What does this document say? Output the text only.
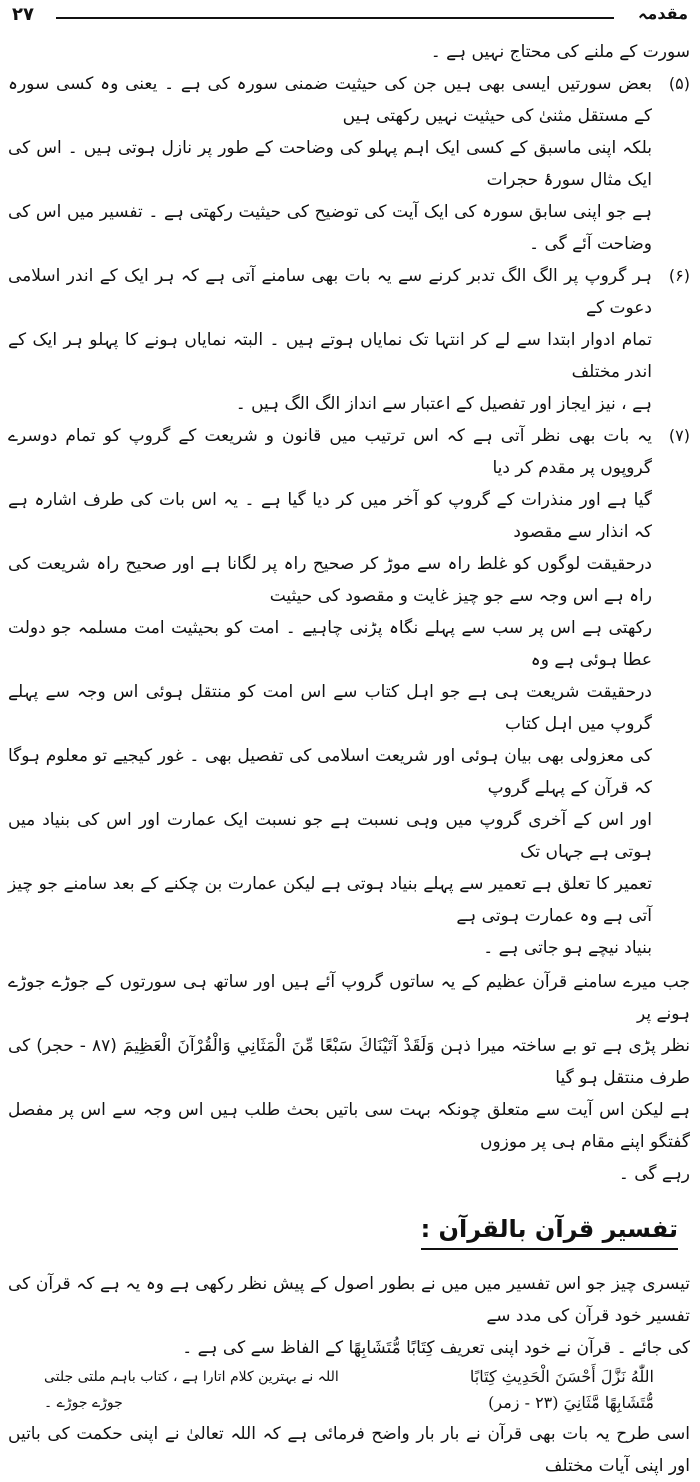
۲۷	مقدمہ
سورت کے ملنے کی محتاج نہیں ہے ۔
(۵)
بعض سورتیں ایسی بھی ہیں جن کی حیثیت ضمنی سورہ کی ہے ۔ یعنی وہ کسی سورہ کے مستقل مثنیٰ کی حیثیت نہیں رکھتی ہیں
بلکہ اپنی ماسبق کے کسی ایک اہم پہلو کی وضاحت کے طور پر نازل ہوتی ہیں ۔ اس کی ایک مثال سورۂ حجرات
ہے جو اپنی سابق سورہ کی ایک آیت کی توضیح کی حیثیت رکھتی ہے ۔ تفسیر میں اس کی وضاحت آئے گی ۔
(۶)
ہر گروپ پر الگ الگ تدبر کرنے سے یہ بات بھی سامنے آتی ہے کہ ہر ایک کے اندر اسلامی دعوت کے
تمام ادوار ابتدا سے لے کر انتہا تک نمایاں ہوتے ہیں ۔ البتہ نمایاں ہونے کا پہلو ہر ایک کے اندر مختلف
ہے ، نیز ایجاز اور تفصیل کے اعتبار سے انداز الگ الگ ہیں ۔
(۷)
یہ بات بھی نظر آتی ہے کہ اس ترتیب میں قانون و شریعت کے گروپ کو تمام دوسرے گروپوں پر مقدم کر دیا
گیا ہے اور منذرات کے گروپ کو آخر میں کر دیا گیا ہے ۔ یہ اس بات کی طرف اشارہ ہے کہ انذار سے مقصود
درحقیقت لوگوں کو غلط راہ سے موڑ کر صحیح راہ پر لگانا ہے اور صحیح راہ شریعت کی راہ ہے اس وجہ سے جو چیز غایت و مقصود کی حیثیت
رکھتی ہے اس پر سب سے پہلے نگاہ پڑنی چاہیے ۔ امت کو بحیثیت امت مسلمہ جو دولت عطا ہوئی ہے وہ
درحقیقت شریعت ہی ہے جو اہل کتاب سے اس امت کو منتقل ہوئی اس وجہ سے پہلے گروپ میں اہل کتاب
کی معزولی بھی بیان ہوئی اور شریعت اسلامی کی تفصیل بھی ۔ غور کیجیے تو معلوم ہوگا کہ قرآن کے پہلے گروپ
اور اس کے آخری گروپ میں وہی نسبت ہے جو نسبت ایک عمارت اور اس کی بنیاد میں ہوتی ہے جہاں تک
تعمیر کا تعلق ہے تعمیر سے پہلے بنیاد ہوتی ہے لیکن عمارت بن چکنے کے بعد سامنے جو چیز آتی ہے وہ عمارت ہوتی ہے
بنیاد نیچے ہو جاتی ہے ۔
جب میرے سامنے قرآن عظیم کے یہ ساتوں گروپ آئے ہیں اور ساتھ ہی سورتوں کے جوڑے جوڑے ہونے پر
نظر پڑی ہے تو بے ساختہ میرا ذہن وَلَقَدْ آتَيْنَاكَ سَبْعًا مِّنَ الْمَثَانِي وَالْقُرْآنَ الْعَظِيمَ (۸۷ - حجر) کی طرف منتقل ہو گیا
ہے لیکن اس آیت سے متعلق چونکہ بہت سی باتیں بحث طلب ہیں اس وجہ سے اس پر مفصل گفتگو اپنے مقام ہی پر موزوں
رہے گی ۔
تفسیر قرآن بالقرآن :
تیسری چیز جو اس تفسیر میں میں نے بطور اصول کے پیش نظر رکھی ہے وہ یہ ہے کہ قرآن کی تفسیر خود قرآن کی مدد سے
کی جائے ۔ قرآن نے خود اپنی تعریف کِتَابًا مُّتَشَابِهًا کے الفاظ سے کی ہے ۔
اللّٰهُ نَزَّلَ أَحْسَنَ الْحَدِيثِ كِتَابًا
اللہ نے بہترین کلام اتارا ہے ، کتاب باہم ملتی جلتی
مُّتَشَابِهًا مَّثَانِيَ (۲۳ - زمر)
جوڑے جوڑے ۔
اسی طرح یہ بات بھی قرآن نے بار بار واضح فرمائی ہے کہ اللہ تعالیٰ نے اپنی حکمت کی باتیں اور اپنی آیات مختلف
